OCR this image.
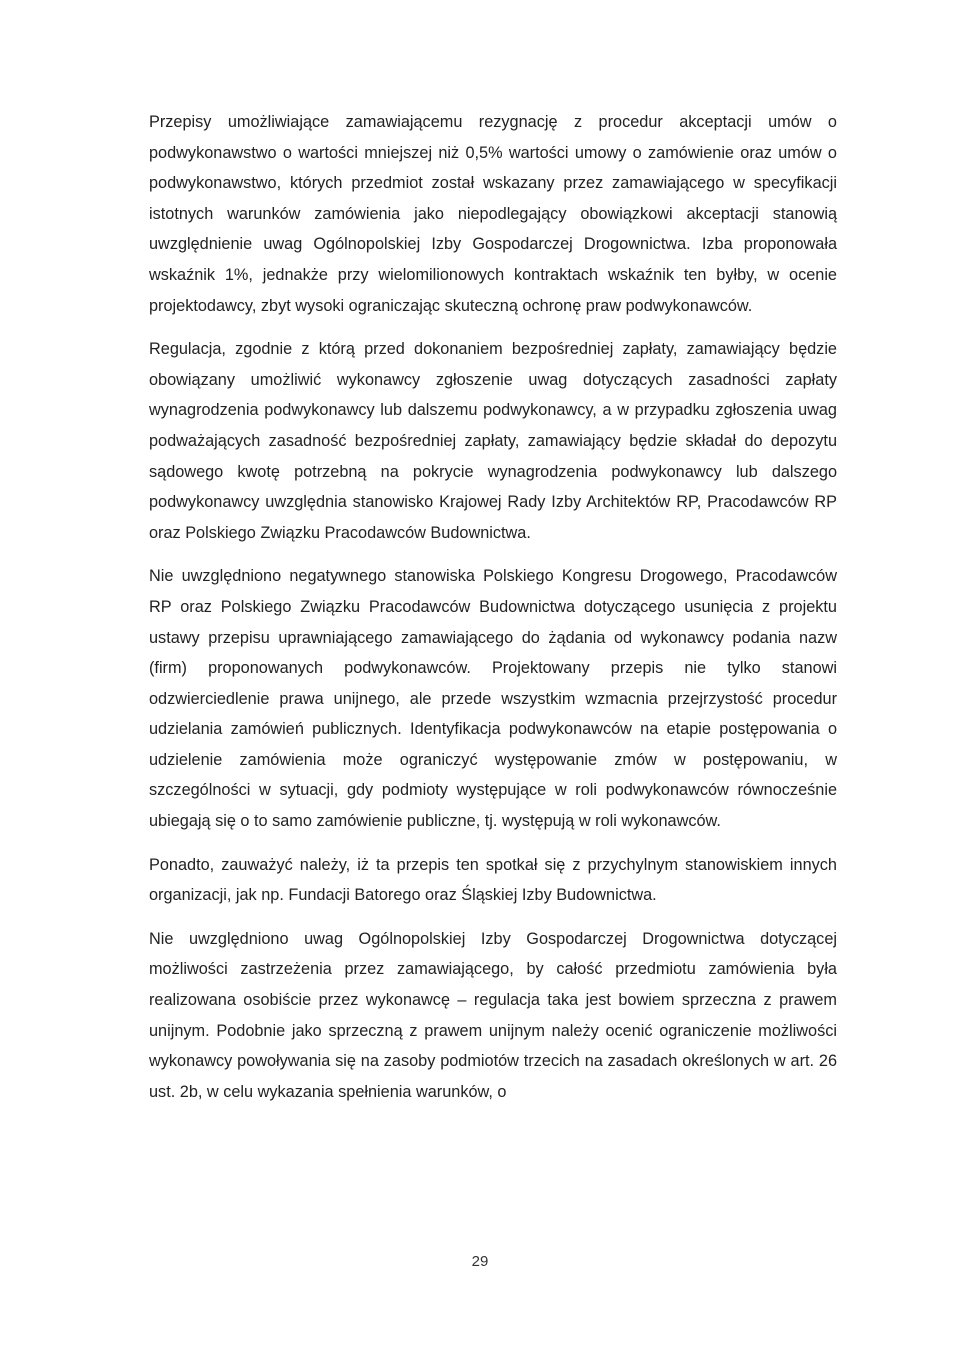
Przepisy umożliwiające zamawiającemu rezygnację z procedur akceptacji umów o podwykonawstwo o wartości mniejszej niż 0,5% wartości umowy o zamówienie oraz umów o podwykonawstwo, których przedmiot został wskazany przez zamawiającego w specyfikacji istotnych warunków zamówienia jako niepodlegający obowiązkowi akceptacji stanowią uwzględnienie uwag Ogólnopolskiej Izby Gospodarczej Drogownictwa. Izba proponowała wskaźnik 1%, jednakże przy wielomilionowych kontraktach wskaźnik ten byłby, w ocenie projektodawcy, zbyt wysoki ograniczając skuteczną ochronę praw podwykonawców.

Regulacja, zgodnie z którą przed dokonaniem bezpośredniej zapłaty, zamawiający będzie obowiązany umożliwić wykonawcy zgłoszenie uwag dotyczących zasadności zapłaty wynagrodzenia podwykonawcy lub dalszemu podwykonawcy, a w przypadku zgłoszenia uwag podważających zasadność bezpośredniej zapłaty, zamawiający będzie składał do depozytu sądowego kwotę potrzebną na pokrycie wynagrodzenia podwykonawcy lub dalszego podwykonawcy uwzględnia stanowisko Krajowej Rady Izby Architektów RP, Pracodawców RP oraz Polskiego Związku Pracodawców Budownictwa.

Nie uwzględniono negatywnego stanowiska Polskiego Kongresu Drogowego, Pracodawców RP oraz Polskiego Związku Pracodawców Budownictwa dotyczącego usunięcia z projektu ustawy przepisu uprawniającego zamawiającego do żądania od wykonawcy podania nazw (firm) proponowanych podwykonawców. Projektowany przepis nie tylko stanowi odzwierciedlenie prawa unijnego, ale przede wszystkim wzmacnia przejrzystość procedur udzielania zamówień publicznych. Identyfikacja podwykonawców na etapie postępowania o udzielenie zamówienia może ograniczyć występowanie zmów w postępowaniu, w szczególności w sytuacji, gdy podmioty występujące w roli podwykonawców równocześnie ubiegają się o to samo zamówienie publiczne, tj. występują w roli wykonawców.

Ponadto, zauważyć należy, iż ta przepis ten spotkał się z przychylnym stanowiskiem innych organizacji, jak np. Fundacji Batorego oraz Śląskiej Izby Budownictwa.

Nie uwzględniono uwag Ogólnopolskiej Izby Gospodarczej Drogownictwa dotyczącej możliwości zastrzeżenia przez zamawiającego, by całość przedmiotu zamówienia była realizowana osobiście przez wykonawcę – regulacja taka jest bowiem sprzeczna z prawem unijnym. Podobnie jako sprzeczną z prawem unijnym należy ocenić ograniczenie możliwości wykonawcy powoływania się na zasoby podmiotów trzecich na zasadach określonych w art. 26 ust. 2b, w celu wykazania spełnienia warunków, o

29
